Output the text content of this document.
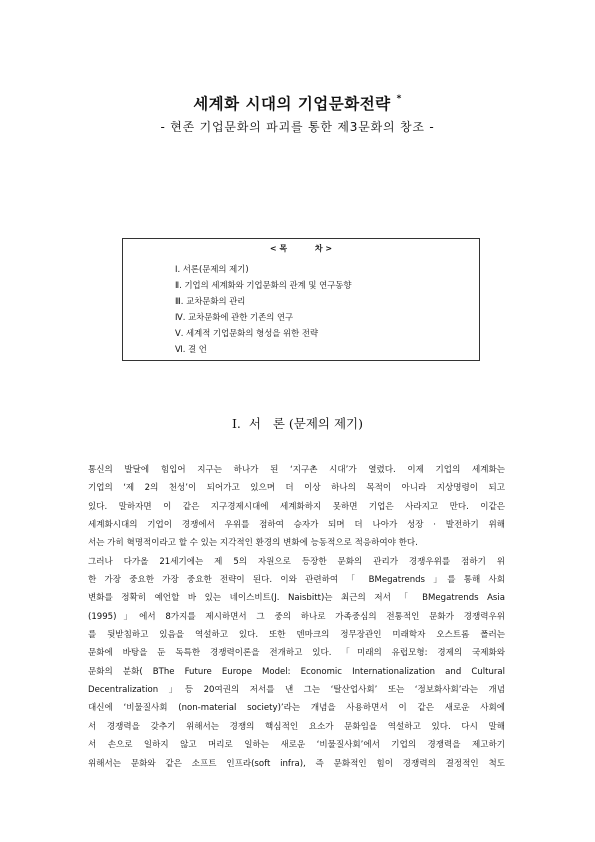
세계화 시대의 기업문화전략 *
- 현존 기업문화의 파괴를 통한 제3문화의 창조 -
< 목          차 >
Ⅰ. 서론(문제의 제기)
Ⅱ. 기업의 세계화와 기업문화의 관계 및 연구동향
Ⅲ. 교차문화의 관리
Ⅳ. 교차문화에 관한 기존의 연구
Ⅴ. 세계적 기업문화의 형성을 위한 전략
Ⅵ. 결 언
Ⅰ.  서   론 (문제의 제기)
통신의 발달에 힘입어 지구는 하나가 된 ‘지구촌 시대’가 열렸다. 이제 기업의 세계화는
기업의 ‘제 2의 천성’이 되어가고 있으며 더 이상 하나의 목적이 아니라 지상명령이 되고
있다. 말하자면 이 같은 지구경제시대에 세계화하지 못하면 기업은 사라지고 만다. 이같은
세계화시대의 기업이 경쟁에서 우위를 점하여 승자가 되며 더 나아가 성장 · 발전하기 위해
서는 가히 혁명적이라고 할 수 있는 지각적인 환경의 변화에 능동적으로 적응하여야 한다.
그러나 다가올 21세기에는 제 5의 자원으로 등장한 문화의 관리가 경쟁우위를 점하기 위
한 가장 중요한 가장 중요한 전략이 된다. 이와 관련하여 「 BMegatrends 」를 통해 사회
변화를 정확히 예언할 바 있는 네이스비트(J. Naisbitt)는 최근의 저서 「 BMegatrends Asia
(1995)」에서 8가지를 제시하면서 그 중의 하나로 가족중심의 전통적인 문화가 경쟁력우위
를 뒷받침하고 있음을 역설하고 있다. 또한 덴마크의 정무장관인 미래학자 오스트롬 폴러는
문화에 바탕을 둔 독특한 경쟁력이론을 전개하고 있다. 「미래의 유럽모형: 경제의 국제화와
문화의 분화( BThe Future Europe Model: Economic Internationalization and Cultural
Decentralization 」등 20여권의 저서를 낸 그는 ‘탈산업사회’ 또는 ‘정보화사회’라는 개념
대신에 ‘비물질사회 (non-material society)’라는 개념을 사용하면서 이 같은 새로운 사회에
서 경쟁력을 갖추기 위해서는 경쟁의 핵심적인 요소가 문화임을 역설하고 있다. 다시 말해
서 손으로 일하지 않고 머리로 일하는 새로운 ‘비물질사회’에서 기업의 경쟁력을 제고하기
위해서는 문화와 같은 소프트 인프라(soft infra), 즉 문화적인 힘이 경쟁력의 결정적인 척도
